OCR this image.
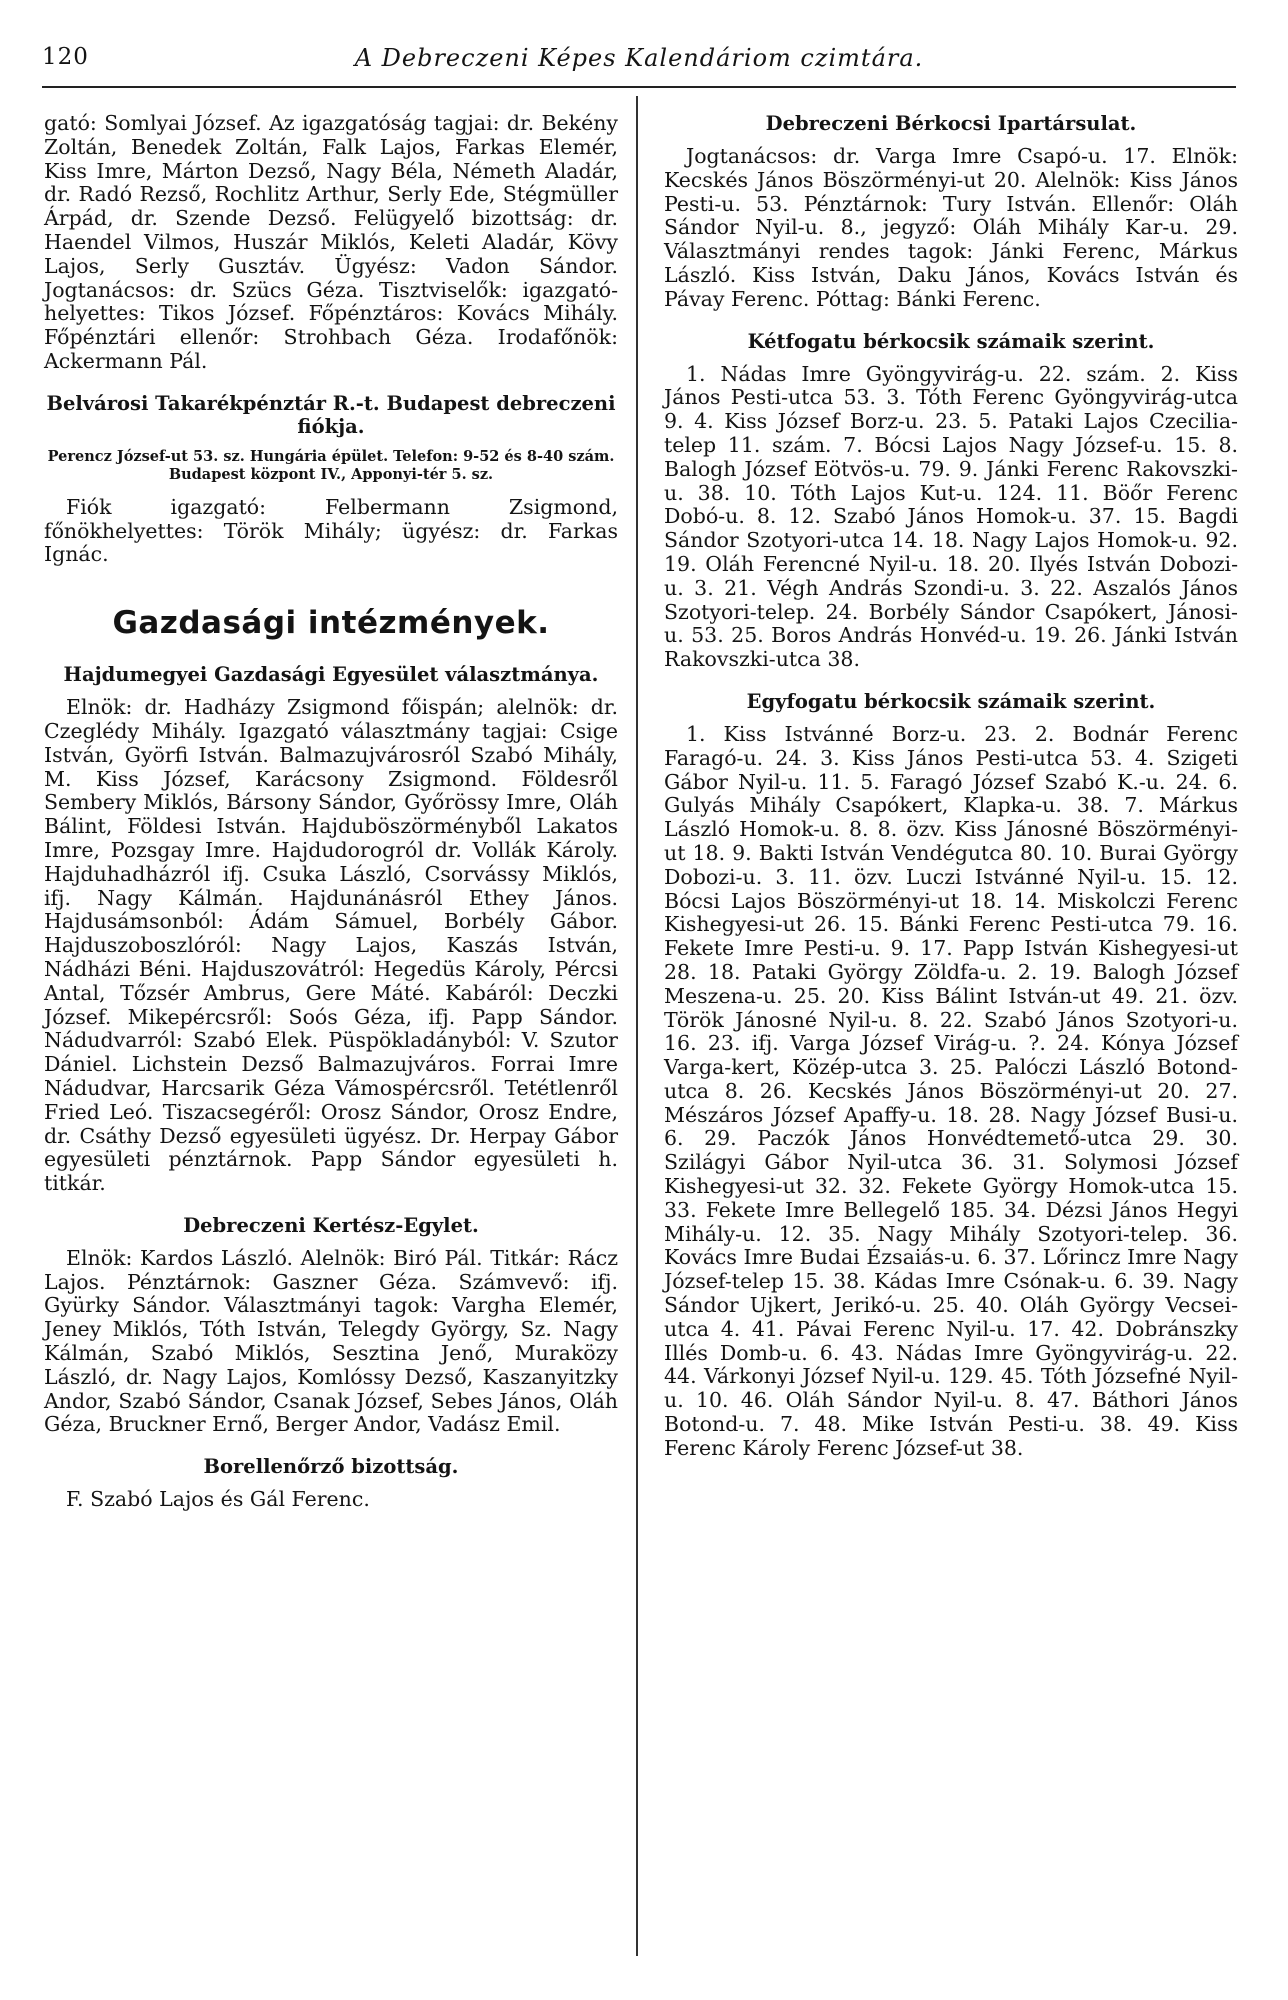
120	A Debreczeni Képes Kalendáriom czimtára.

gató: Somlyai József. Az igazgatóság tagjai: dr. Bekény Zoltán, Benedek Zoltán, Falk Lajos, Farkas Elemér, Kiss Imre, Márton Dezső, Nagy Béla, Németh Aladár, dr. Radó Rezső, Rochlitz Arthur, Serly Ede, Stégmüller Árpád, dr. Szende Dezső. Felügyelő bizottság: dr. Haendel Vilmos, Huszár Miklós, Keleti Aladár, Kövy Lajos, Serly Gusztáv. Ügyész: Vadon Sándor. Jogtanácsos: dr. Szücs Géza. Tisztviselők: igazgató-helyettes: Tikos József. Főpénztáros: Kovács Mihály. Főpénztári ellenőr: Strohbach Géza. Irodafőnök: Ackermann Pál.

Belvárosi Takarékpénztár R.-t. Budapest debreczeni fiókja.
Perencz József-ut 53. sz. Hungária épület. Telefon: 9-52 és 8-40 szám.
Budapest központ IV., Apponyi-tér 5. sz.

Fiók igazgató: Felbermann Zsigmond, főnökhelyettes: Török Mihály; ügyész: dr. Farkas Ignác.

Gazdasági intézmények.
Hajdumegyei Gazdasági Egyesület választmánya.

Elnök: dr. Hadházy Zsigmond főispán; alelnök: dr. Czeglédy Mihály. Igazgató választmány tagjai: Csige István, Györfi István. Balmazujvárosról Szabó Mihály, M. Kiss József, Karácsony Zsigmond. Földesről Sembery Miklós, Bársony Sándor, Győrössy Imre, Oláh Bálint, Földesi István. Hajduböszörményből Lakatos Imre, Pozsgay Imre. Hajdudorogról dr. Vollák Károly. Hajduhadházról ifj. Csuka László, Csorvássy Miklós, ifj. Nagy Kálmán. Hajdunánásról Ethey János. Hajdusámsonból: Ádám Sámuel, Borbély Gábor. Hajduszoboszlóról: Nagy Lajos, Kaszás István, Nádházi Béni. Hajduszovátról: Hegedüs Károly, Pércsi Antal, Tőzsér Ambrus, Gere Máté. Kabáról: Deczki József. Mikepércsről: Soós Géza, ifj. Papp Sándor. Nádudvarról: Szabó Elek. Püspökladányból: V. Szutor Dániel. Lichstein Dezső Balmazujváros. Forrai Imre Nádudvar, Harcsarik Géza Vámospércsről. Tetétlenről Fried Leó. Tiszacsegéről: Orosz Sándor, Orosz Endre, dr. Csáthy Dezső egyesületi ügyész. Dr. Herpay Gábor egyesületi pénztárnok. Papp Sándor egyesületi h. titkár.

Debreczeni Kertész-Egylet.

Elnök: Kardos László. Alelnök: Biró Pál. Titkár: Rácz Lajos. Pénztárnok: Gaszner Géza. Számvevő: ifj. Gyürky Sándor. Választmányi tagok: Vargha Elemér, Jeney Miklós, Tóth István, Telegdy György, Sz. Nagy Kálmán, Szabó Miklós, Sesztina Jenő, Muraközy László, dr. Nagy Lajos, Komlóssy Dezső, Kaszanyitzky Andor, Szabó Sándor, Csanak József, Sebes János, Oláh Géza, Bruckner Ernő, Berger Andor, Vadász Emil.

Borellenőrző bizottság.

F. Szabó Lajos és Gál Ferenc.

Debreczeni Bérkocsi Ipartársulat.

Jogtanácsos: dr. Varga Imre Csapó-u. 17. Elnök: Kecskés János Böszörményi-ut 20. Alelnök: Kiss János Pesti-u. 53. Pénztárnok: Tury István. Ellenőr: Oláh Sándor Nyil-u. 8., jegyző: Oláh Mihály Kar-u. 29. Választmányi rendes tagok: Jánki Ferenc, Márkus László. Kiss István, Daku János, Kovács István és Pávay Ferenc. Póttag: Bánki Ferenc.

Kétfogatu bérkocsik számaik szerint.

1. Nádas Imre Gyöngyvirág-u. 22. szám. 2. Kiss János Pesti-utca 53. 3. Tóth Ferenc Gyöngyvirág-utca 9. 4. Kiss József Borz-u. 23. 5. Pataki Lajos Czecilia-telep 11. szám. 7. Bócsi Lajos Nagy József-u. 15. 8. Balogh József Eötvös-u. 79. 9. Jánki Ferenc Rakovszki-u. 38. 10. Tóth Lajos Kut-u. 124. 11. Böőr Ferenc Dobó-u. 8. 12. Szabó János Homok-u. 37. 15. Bagdi Sándor Szotyori-utca 14. 18. Nagy Lajos Homok-u. 92. 19. Oláh Ferencné Nyil-u. 18. 20. Ilyés István Dobozi-u. 3. 21. Végh András Szondi-u. 3. 22. Aszalós János Szotyori-telep. 24. Borbély Sándor Csapókert, Jánosi-u. 53. 25. Boros András Honvéd-u. 19. 26. Jánki István Rakovszki-utca 38.

Egyfogatu bérkocsik számaik szerint.

1. Kiss Istvánné Borz-u. 23. 2. Bodnár Ferenc Faragó-u. 24. 3. Kiss János Pesti-utca 53. 4. Szigeti Gábor Nyil-u. 11. 5. Faragó József Szabó K.-u. 24. 6. Gulyás Mihály Csapókert, Klapka-u. 38. 7. Márkus László Homok-u. 8. 8. özv. Kiss Jánosné Böszörményi-ut 18. 9. Bakti István Vendégutca 80. 10. Burai György Dobozi-u. 3. 11. özv. Luczi Istvánné Nyil-u. 15. 12. Bócsi Lajos Böszörményi-ut 18. 14. Miskolczi Ferenc Kishegyesi-ut 26. 15. Bánki Ferenc Pesti-utca 79. 16. Fekete Imre Pesti-u. 9. 17. Papp István Kishegyesi-ut 28. 18. Pataki György Zöldfa-u. 2. 19. Balogh József Meszena-u. 25. 20. Kiss Bálint István-ut 49. 21. özv. Török Jánosné Nyil-u. 8. 22. Szabó János Szotyori-u. 16. 23. ifj. Varga József Virág-u. ?. 24. Kónya József Varga-kert, Közép-utca 3. 25. Palóczi László Botond-utca 8. 26. Kecskés János Böszörményi-ut 20. 27. Mészáros József Apaffy-u. 18. 28. Nagy József Busi-u. 6. 29. Paczók János Honvédtemető-utca 29. 30. Szilágyi Gábor Nyil-utca 36. 31. Solymosi József Kishegyesi-ut 32. 32. Fekete György Homok-utca 15. 33. Fekete Imre Bellegelő 185. 34. Dézsi János Hegyi Mihály-u. 12. 35. Nagy Mihály Szotyori-telep. 36. Kovács Imre Budai Ézsaiás-u. 6. 37. Lőrincz Imre Nagy József-telep 15. 38. Kádas Imre Csónak-u. 6. 39. Nagy Sándor Ujkert, Jerikó-u. 25. 40. Oláh György Vecsei-utca 4. 41. Pávai Ferenc Nyil-u. 17. 42. Dobránszky Illés Domb-u. 6. 43. Nádas Imre Gyöngyvirág-u. 22. 44. Várkonyi József Nyil-u. 129. 45. Tóth Józsefné Nyil-u. 10. 46. Oláh Sándor Nyil-u. 8. 47. Báthori János Botond-u. 7. 48. Mike István Pesti-u. 38. 49. Kiss Ferenc Károly Ferenc József-ut 38.
